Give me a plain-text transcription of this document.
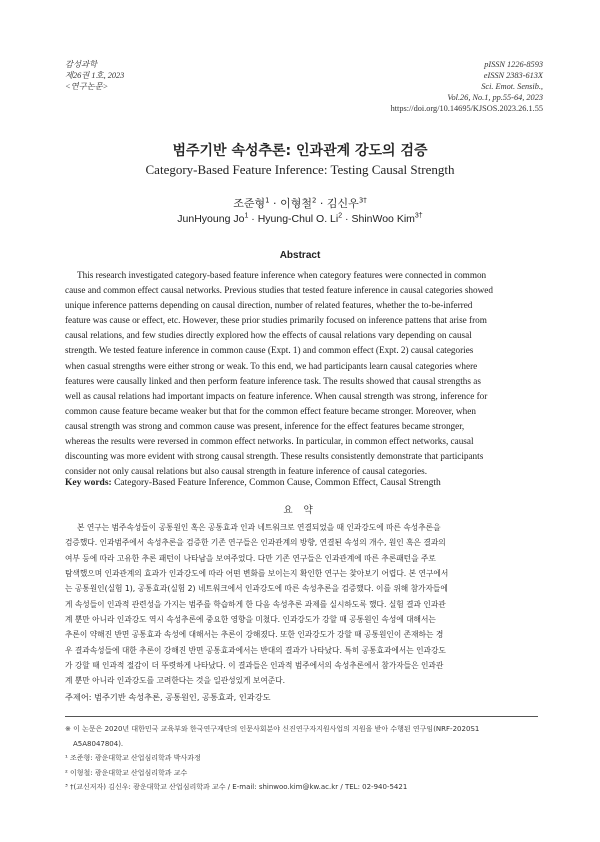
감성과학
제26권 1호, 2023
<연구논문>
pISSN 1226-8593
eISSN 2383-613X
Sci. Emot. Sensib.,
Vol.26, No.1, pp.55-64, 2023
https://doi.org/10.14695/KJSOS.2023.26.1.55
범주기반 속성추론: 인과관계 강도의 검증
Category-Based Feature Inference: Testing Causal Strength
조준형$^1$ · 이형철$^2$ · 김신우$^{3\dagger}$
JunHyoung $Jo^1$ · Hyung-Chul O. $Li^2$ · ShinWoo Kim$^{3\dagger}$
Abstract
This research investigated category-based feature inference when category features were connected in common
cause and common effect causal networks. Previous studies that tested feature inference in causal categories showed
unique inference patterns depending on causal direction, number of related features, whether the to-be-inferred
feature was cause or effect, etc. However, these prior studies primarily focused on inference pattens that arise from
causal relations, and few studies directly explored how the effects of causal relations vary depending on causal
strength. We tested feature inference in common cause (Expt. 1) and common effect (Expt. 2) causal categories
when casual strengths were either strong or weak. To this end, we had participants learn causal categories where
features were causally linked and then perform feature inference task. The results showed that causal strengths as
well as causal relations had important impacts on feature inference. When causal strength was strong, inference for
common cause feature became weaker but that for the common effect feature became stronger. Moreover, when
causal strength was strong and common cause was present, inference for the effect features became stronger,
whereas the results were reversed in common effect networks. In particular, in common effect networks, causal
discounting was more evident with strong causal strength. These results consistently demonstrate that participants
consider not only causal relations but also causal strength in feature inference of causal categories.
Key words: Category-Based Feature Inference, Common Cause, Common Effect, Causal Strength
요 약
본 연구는 범주속성들이 공통원인 혹은 공통효과 인과 네트워크로 연결되었을 때 인과강도에 따른 속성추론을
검증했다. 인과범주에서 속성추론을 검증한 기존 연구들은 인과관계의 방향, 연결된 속성의 개수, 원인 혹은 결과의
여부 등에 따라 고유한 추론 패턴이 나타남을 보여주었다. 다만 기존 연구들은 인과관계에 따른 추론패턴을 주로
탐색했으며 인과관계의 효과가 인과강도에 따라 어떤 변화를 보이는지 확인한 연구는 찾아보기 어렵다. 본 연구에서
는 공통원인(실험 1), 공통효과(실험 2) 네트워크에서 인과강도에 따른 속성추론을 검증했다. 이를 위해 참가자들에
게 속성들이 인과적 관련성을 가지는 범주를 학습하게 한 다음 속성추론 과제를 실시하도록 했다. 실험 결과 인과관
계 뿐만 아니라 인과강도 역시 속성추론에 중요한 영향을 미쳤다. 인과강도가 강할 때 공통원인 속성에 대해서는
추론이 약해진 반면 공통효과 속성에 대해서는 추론이 강해졌다. 또한 인과강도가 강할 때 공통원인이 존재하는 경
우 결과속성들에 대한 추론이 강해진 반면 공통효과에서는 반대의 결과가 나타났다. 특히 공통효과에서는 인과강도
가 강할 때 인과적 절감이 더 뚜렷하게 나타났다. 이 결과들은 인과적 범주에서의 속성추론에서 참가자들은 인과관
계 뿐만 아니라 인과강도를 고려한다는 것을 일관성있게 보여준다.
주제어: 범주기반 속성추론, 공통원인, 공통효과, 인과강도
※ 이 논문은 2020년 대한민국 교육부와 한국연구재단의 인문사회분야 신진연구자지원사업의 지원을 받아 수행된 연구임(NRF-2020S1
A5A8047804).
¹ 조준형: 광운대학교 산업심리학과 박사과정
² 이형철: 광운대학교 산업심리학과 교수
³ †(교신저자) 김신우: 광운대학교 산업심리학과 교수 / E-mail: shinwoo.kim@kw.ac.kr / TEL: 02-940-5421
